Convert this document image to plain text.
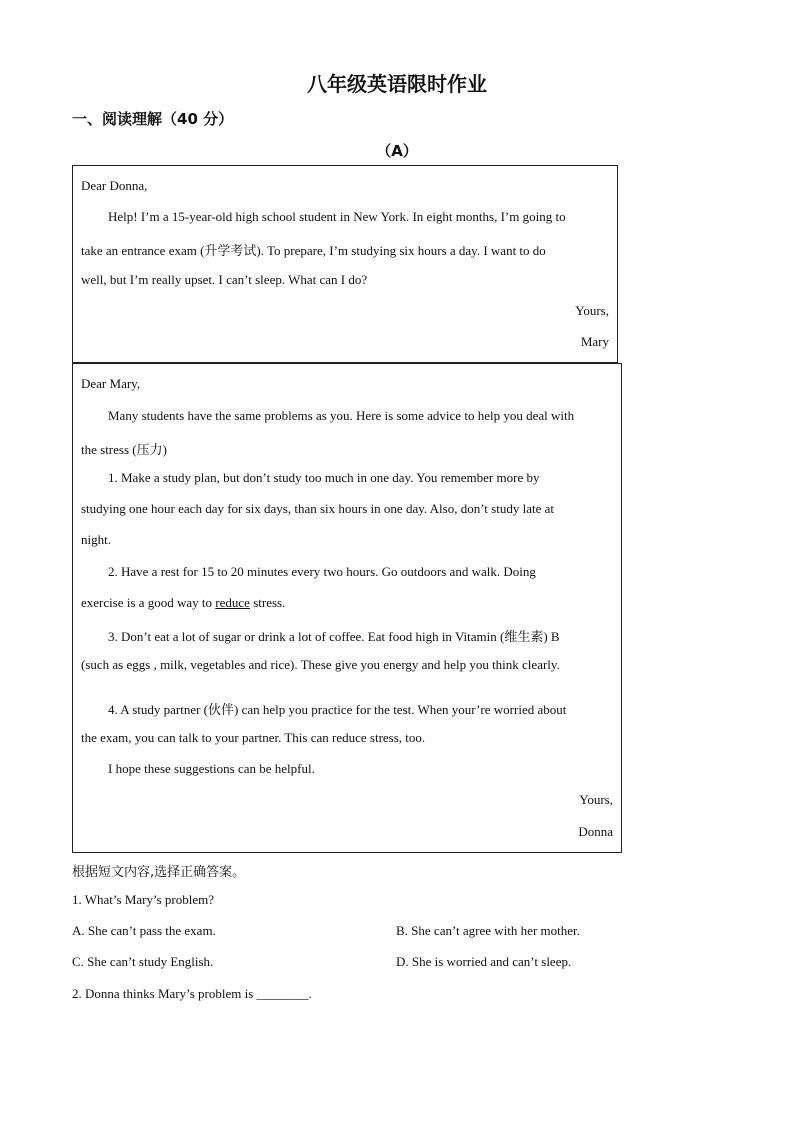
八年级英语限时作业
一、阅读理解（40 分）
（A）
Dear Donna,
Help! I’m a 15-year-old high school student in New York. In eight months, I’m going to
take an entrance exam (升学考试). To prepare, I’m studying six hours a day. I want to do
well, but I’m really upset. I can’t sleep. What can I do?
Yours,
Mary
Dear Mary,
Many students have the same problems as you. Here is some advice to help you deal with
the stress (压力)
1. Make a study plan, but don’t study too much in one day. You remember more by
studying one hour each day for six days, than six hours in one day. Also, don’t study late at
night.
2. Have a rest for 15 to 20 minutes every two hours. Go outdoors and walk. Doing
exercise is a good way to reduce stress.
3. Don’t eat a lot of sugar or drink a lot of coffee. Eat food high in Vitamin (维生素) B
(such as eggs , milk, vegetables and rice). These give you energy and help you think clearly.
4. A study partner (伙伴) can help you practice for the test. When your’re worried about
the exam, you can talk to your partner. This can reduce stress, too.
I hope these suggestions can be helpful.
Yours,
Donna
根据短文内容,选择正确答案。
1. What’s Mary’s problem?
A. She can’t pass the exam.	B. She can’t agree with her mother.
C. She can’t study English.	D. She is worried and can’t sleep.
2. Donna thinks Mary’s problem is ________.
